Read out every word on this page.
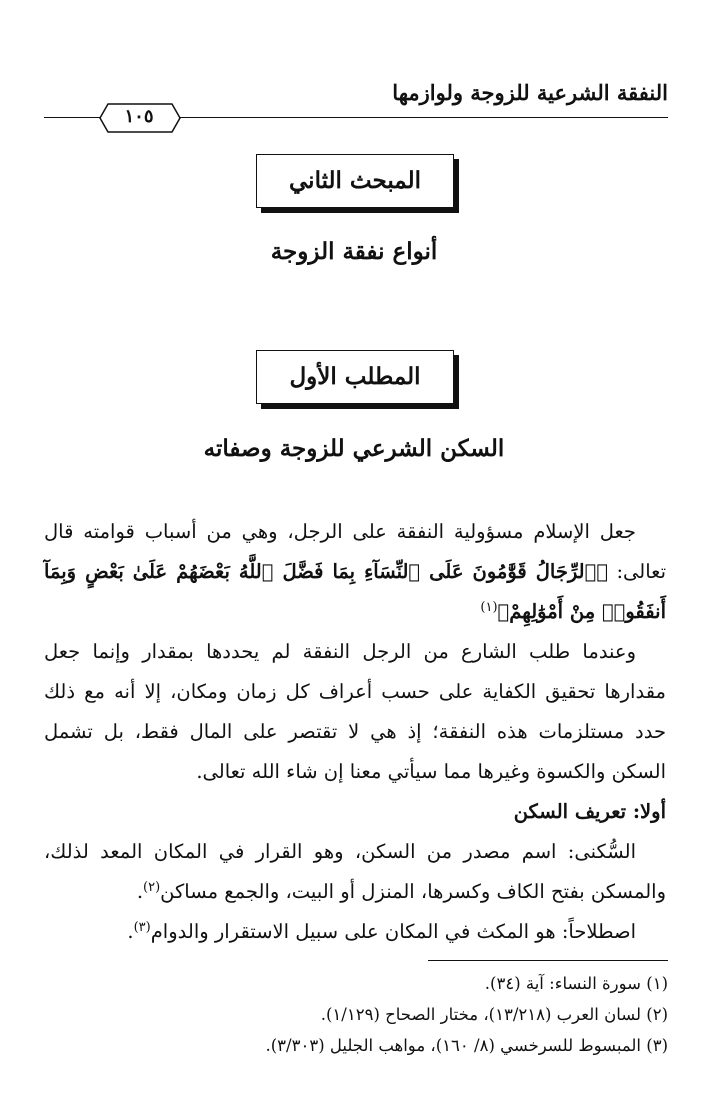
النفقة الشرعية للزوجة ولوازمها
١٠٥
المبحث الثاني
أنواع نفقة الزوجة
المطلب الأول
السكن الشرعي للزوجة وصفاته

جعل الإسلام مسؤولية النفقة على الرجل، وهي من أسباب قوامته قال تعالى: ﴿ٱلرِّجَالُ قَوَّٰمُونَ عَلَى ٱلنِّسَآءِ بِمَا فَضَّلَ ٱللَّهُ بَعْضَهُمْ عَلَىٰ بَعْضٍ وَبِمَآ أَنفَقُوا۟ مِنْ أَمْوَٰلِهِمْ﴾$^{(١)}$

وعندما طلب الشارع من الرجل النفقة لم يحددها بمقدار وإنما جعل مقدارها تحقيق الكفاية على حسب أعراف كل زمان ومكان، إلا أنه مع ذلك حدد مستلزمات هذه النفقة؛ إذ هي لا تقتصر على المال فقط، بل تشمل السكن والكسوة وغيرها مما سيأتي معنا إن شاء الله تعالى.

أولا: تعريف السكن

السُّكنى: اسم مصدر من السكن، وهو القرار في المكان المعد لذلك، والمسكن بفتح الكاف وكسرها، المنزل أو البيت، والجمع مساكن$^{(٢)}$.

اصطلاحاً: هو المكث في المكان على سبيل الاستقرار والدوام$^{(٣)}$.

(١) سورة النساء: آية (٣٤).

(٢) لسان العرب (١٣/٢١٨)، مختار الصحاح (١/١٢٩).

(٣) المبسوط للسرخسي (٨/ ١٦٠)، مواهب الجليل (٣/٣٠٣).
